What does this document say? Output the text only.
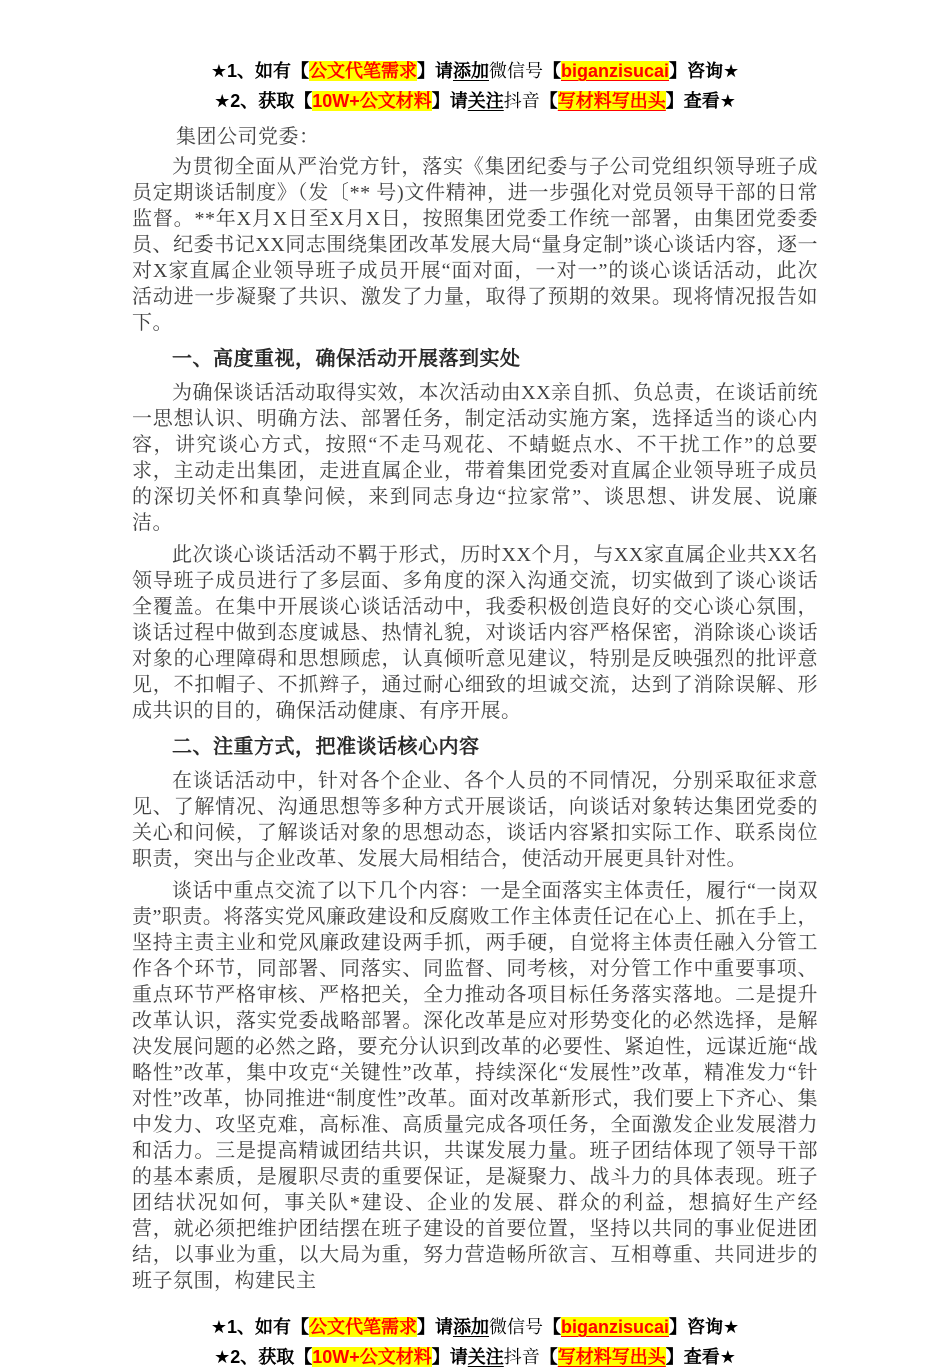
★1、如有【公文代笔需求】请添加微信号【biganzisucai】咨询★
★2、获取【10W+公文材料】请关注抖音【写材料写出头】查看★

集团公司党委：

为贯彻全面从严治党方针，落实《集团纪委与子公司党组织领导班子成员定期谈话制度》（发〔** 号)文件精神，进一步强化对党员领导干部的日常监督。**年X月X日至X月X日，按照集团党委工作统一部署，由集团党委委员、纪委书记XX同志围绕集团改革发展大局“量身定制”谈心谈话内容，逐一对X家直属企业领导班子成员开展“面对面，一对一”的谈心谈话活动，此次活动进一步凝聚了共识、激发了力量，取得了预期的效果。现将情况报告如下。

一、高度重视，确保活动开展落到实处

为确保谈话活动取得实效，本次活动由XX亲自抓、负总责，在谈话前统一思想认识、明确方法、部署任务，制定活动实施方案，选择适当的谈心内容，讲究谈心方式，按照“不走马观花、不蜻蜓点水、不干扰工作”的总要求，主动走出集团，走进直属企业，带着集团党委对直属企业领导班子成员的深切关怀和真挚问候，来到同志身边“拉家常”、谈思想、讲发展、说廉洁。

此次谈心谈话活动不羁于形式，历时XX个月，与XX家直属企业共XX名领导班子成员进行了多层面、多角度的深入沟通交流，切实做到了谈心谈话全覆盖。在集中开展谈心谈话活动中，我委积极创造良好的交心谈心氛围，谈话过程中做到态度诚恳、热情礼貌，对谈话内容严格保密，消除谈心谈话对象的心理障碍和思想顾虑，认真倾听意见建议，特别是反映强烈的批评意见，不扣帽子、不抓辫子，通过耐心细致的坦诚交流，达到了消除误解、形成共识的目的，确保活动健康、有序开展。

二、注重方式，把准谈话核心内容

在谈话活动中，针对各个企业、各个人员的不同情况，分别采取征求意见、了解情况、沟通思想等多种方式开展谈话，向谈话对象转达集团党委的关心和问候，了解谈话对象的思想动态，谈话内容紧扣实际工作、联系岗位职责，突出与企业改革、发展大局相结合，使活动开展更具针对性。

谈话中重点交流了以下几个内容：一是全面落实主体责任，履行“一岗双责”职责。将落实党风廉政建设和反腐败工作主体责任记在心上、抓在手上，坚持主责主业和党风廉政建设两手抓，两手硬，自觉将主体责任融入分管工作各个环节，同部署、同落实、同监督、同考核，对分管工作中重要事项、重点环节严格审核、严格把关，全力推动各项目标任务落实落地。二是提升改革认识，落实党委战略部署。深化改革是应对形势变化的必然选择，是解决发展问题的必然之路，要充分认识到改革的必要性、紧迫性，远谋近施“战略性”改革，集中攻克“关键性”改革，持续深化“发展性”改革，精准发力“针对性”改革，协同推进“制度性”改革。面对改革新形式，我们要上下齐心、集中发力、攻坚克难，高标准、高质量完成各项任务，全面激发企业发展潜力和活力。三是提高精诚团结共识，共谋发展力量。班子团结体现了领导干部的基本素质，是履职尽责的重要保证，是凝聚力、战斗力的具体表现。班子团结状况如何，事关队*建设、企业的发展、群众的利益，想搞好生产经营，就必须把维护团结摆在班子建设的首要位置，坚持以共同的事业促进团结，以事业为重，以大局为重，努力营造畅所欲言、互相尊重、共同进步的班子氛围，构建民主

★1、如有【公文代笔需求】请添加微信号【biganzisucai】咨询★
★2、获取【10W+公文材料】请关注抖音【写材料写出头】查看★
